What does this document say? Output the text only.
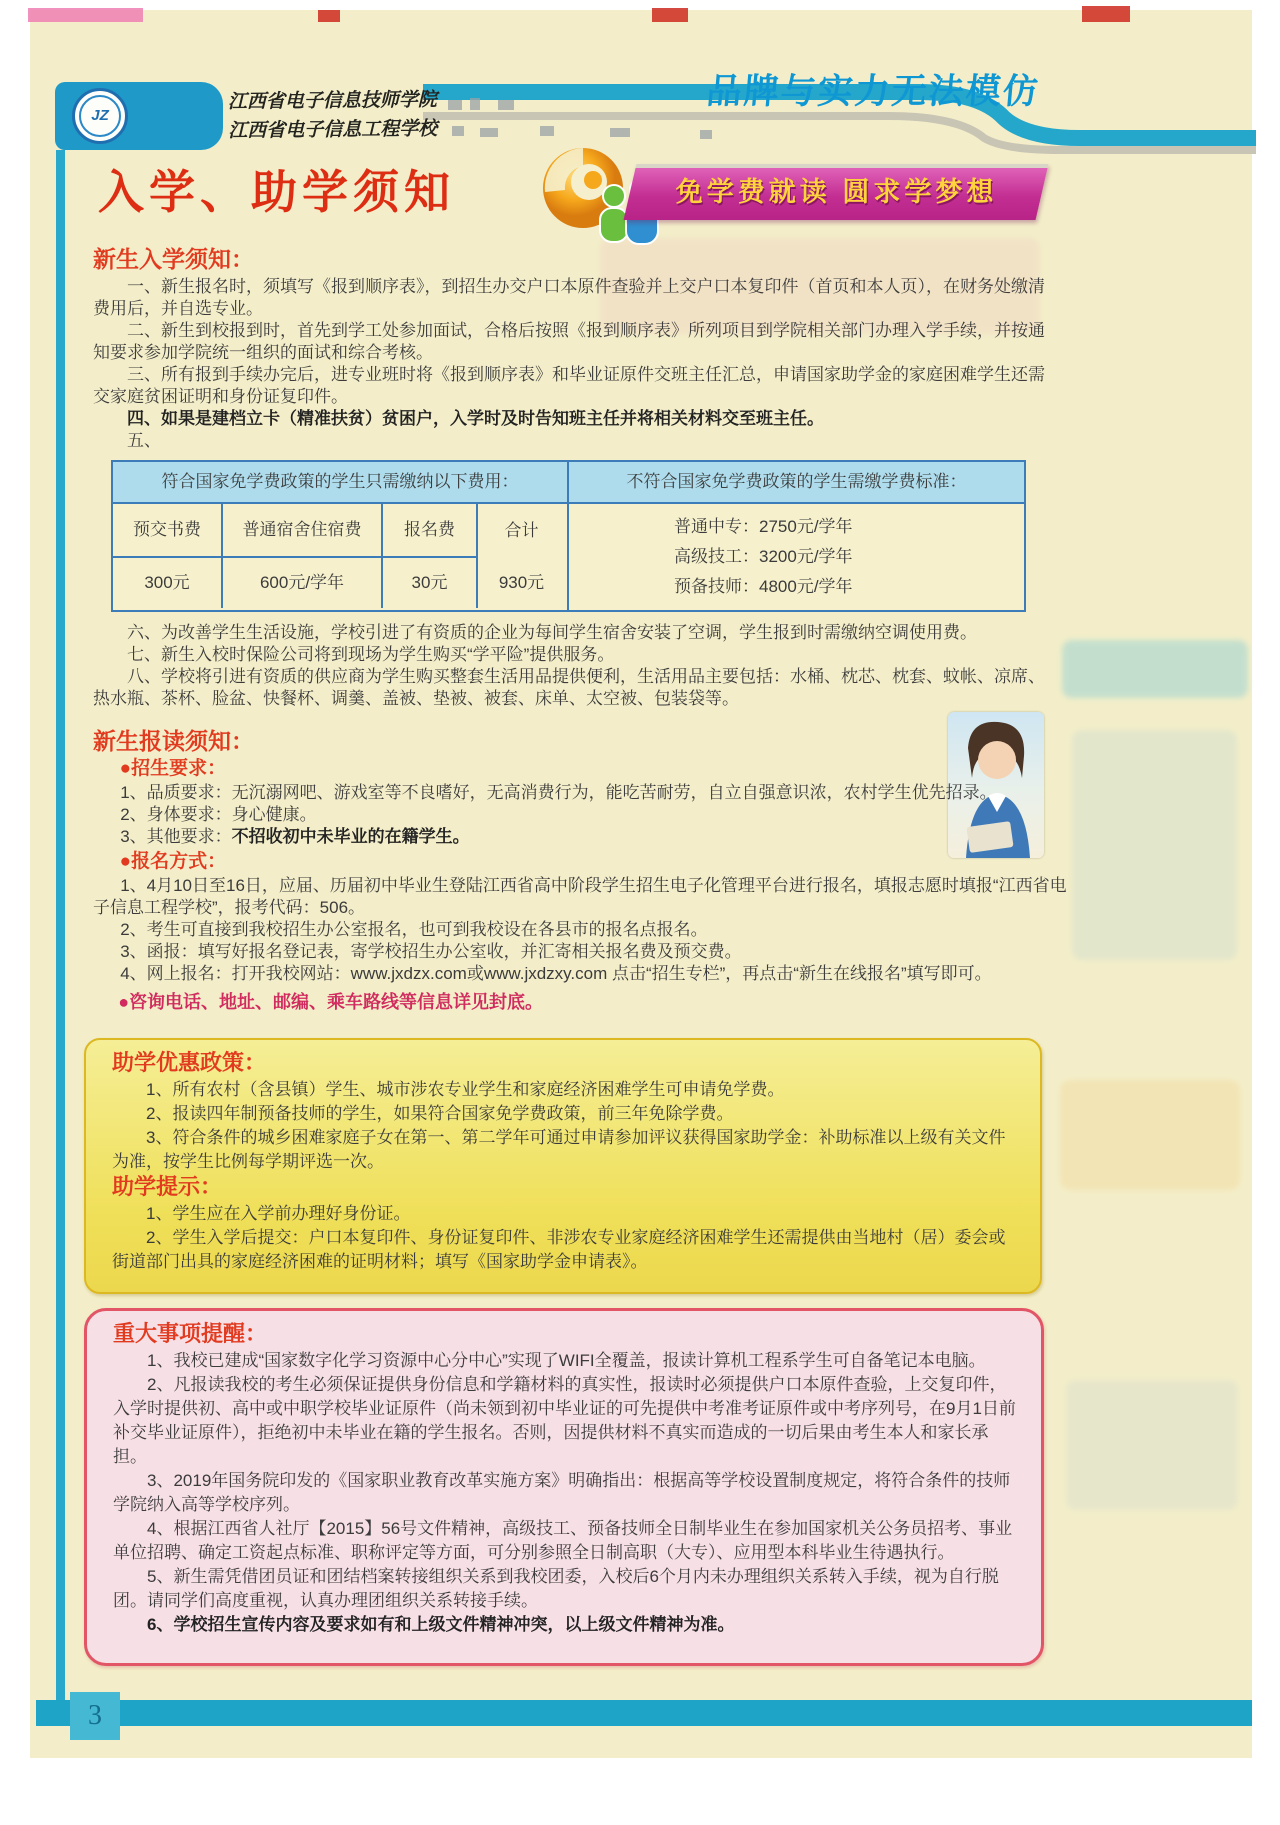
JZ
江西省电子信息技师学院
江西省电子信息工程学校
品牌与实力无法模仿
入学、助学须知	免学费就读 圆求学梦想
新生入学须知：

一、新生报名时，须填写《报到顺序表》，到招生办交户口本原件查验并上交户口本复印件（首页和本人页），在财务处缴清费用后，并自选专业。

二、新生到校报到时，首先到学工处参加面试，合格后按照《报到顺序表》所列项目到学院相关部门办理入学手续，并按通知要求参加学院统一组织的面试和综合考核。

三、所有报到手续办完后，进专业班时将《报到顺序表》和毕业证原件交班主任汇总，申请国家助学金的家庭困难学生还需交家庭贫困证明和身份证复印件。

四、如果是建档立卡（精准扶贫）贫困户，入学时及时告知班主任并将相关材料交至班主任。

五、

符合国家免学费政策的学生只需缴纳以下费用：
预交书费	普通宿舍住宿费	报名费	合计
300元	600元/学年	30元	930元
不符合国家免学费政策的学生需缴学费标准：
普通中专：2750元/学年
高级技工：3200元/学年
预备技师：4800元/学年

六、为改善学生生活设施，学校引进了有资质的企业为每间学生宿舍安装了空调，学生报到时需缴纳空调使用费。

七、新生入校时保险公司将到现场为学生购买“学平险”提供服务。

八、学校将引进有资质的供应商为学生购买整套生活用品提供便利，生活用品主要包括：水桶、枕芯、枕套、蚊帐、凉席、热水瓶、茶杯、脸盆、快餐杯、调羹、盖被、垫被、被套、床单、太空被、包装袋等。

新生报读须知：
●招生要求：

1、品质要求：无沉溺网吧、游戏室等不良嗜好，无高消费行为，能吃苦耐劳，自立自强意识浓，农村学生优先招录。

2、身体要求：身心健康。

3、其他要求：不招收初中未毕业的在籍学生。

●报名方式：

1、4月10日至16日，应届、历届初中毕业生登陆江西省高中阶段学生招生电子化管理平台进行报名，填报志愿时填报“江西省电子信息工程学校”，报考代码：506。

2、考生可直接到我校招生办公室报名，也可到我校设在各县市的报名点报名。

3、函报：填写好报名登记表，寄学校招生办公室收，并汇寄相关报名费及预交费。

4、网上报名：打开我校网站：www.jxdzx.com或www.jxdzxy.com 点击“招生专栏”，再点击“新生在线报名”填写即可。

●咨询电话、地址、邮编、乘车路线等信息详见封底。
助学优惠政策：

1、所有农村（含县镇）学生、城市涉农专业学生和家庭经济困难学生可申请免学费。

2、报读四年制预备技师的学生，如果符合国家免学费政策，前三年免除学费。

3、符合条件的城乡困难家庭子女在第一、第二学年可通过申请参加评议获得国家助学金：补助标准以上级有关文件为准，按学生比例每学期评选一次。

助学提示：

1、学生应在入学前办理好身份证。

2、学生入学后提交：户口本复印件、身份证复印件、非涉农专业家庭经济困难学生还需提供由当地村（居）委会或街道部门出具的家庭经济困难的证明材料；填写《国家助学金申请表》。

重大事项提醒：

1、我校已建成“国家数字化学习资源中心分中心”实现了WIFI全覆盖，报读计算机工程系学生可自备笔记本电脑。

2、凡报读我校的考生必须保证提供身份信息和学籍材料的真实性，报读时必须提供户口本原件查验，上交复印件，入学时提供初、高中或中职学校毕业证原件（尚未领到初中毕业证的可先提供中考准考证原件或中考序列号，在9月1日前补交毕业证原件），拒绝初中未毕业在籍的学生报名。否则，因提供材料不真实而造成的一切后果由考生本人和家长承担。

3、2019年国务院印发的《国家职业教育改革实施方案》明确指出：根据高等学校设置制度规定，将符合条件的技师学院纳入高等学校序列。

4、根据江西省人社厅【2015】56号文件精神，高级技工、预备技师全日制毕业生在参加国家机关公务员招考、事业单位招聘、确定工资起点标准、职称评定等方面，可分别参照全日制高职（大专）、应用型本科毕业生待遇执行。

5、新生需凭借团员证和团结档案转接组织关系到我校团委，入校后6个月内未办理组织关系转入手续，视为自行脱团。请同学们高度重视，认真办理团组织关系转接手续。

6、学校招生宣传内容及要求如有和上级文件精神冲突，以上级文件精神为准。

3
